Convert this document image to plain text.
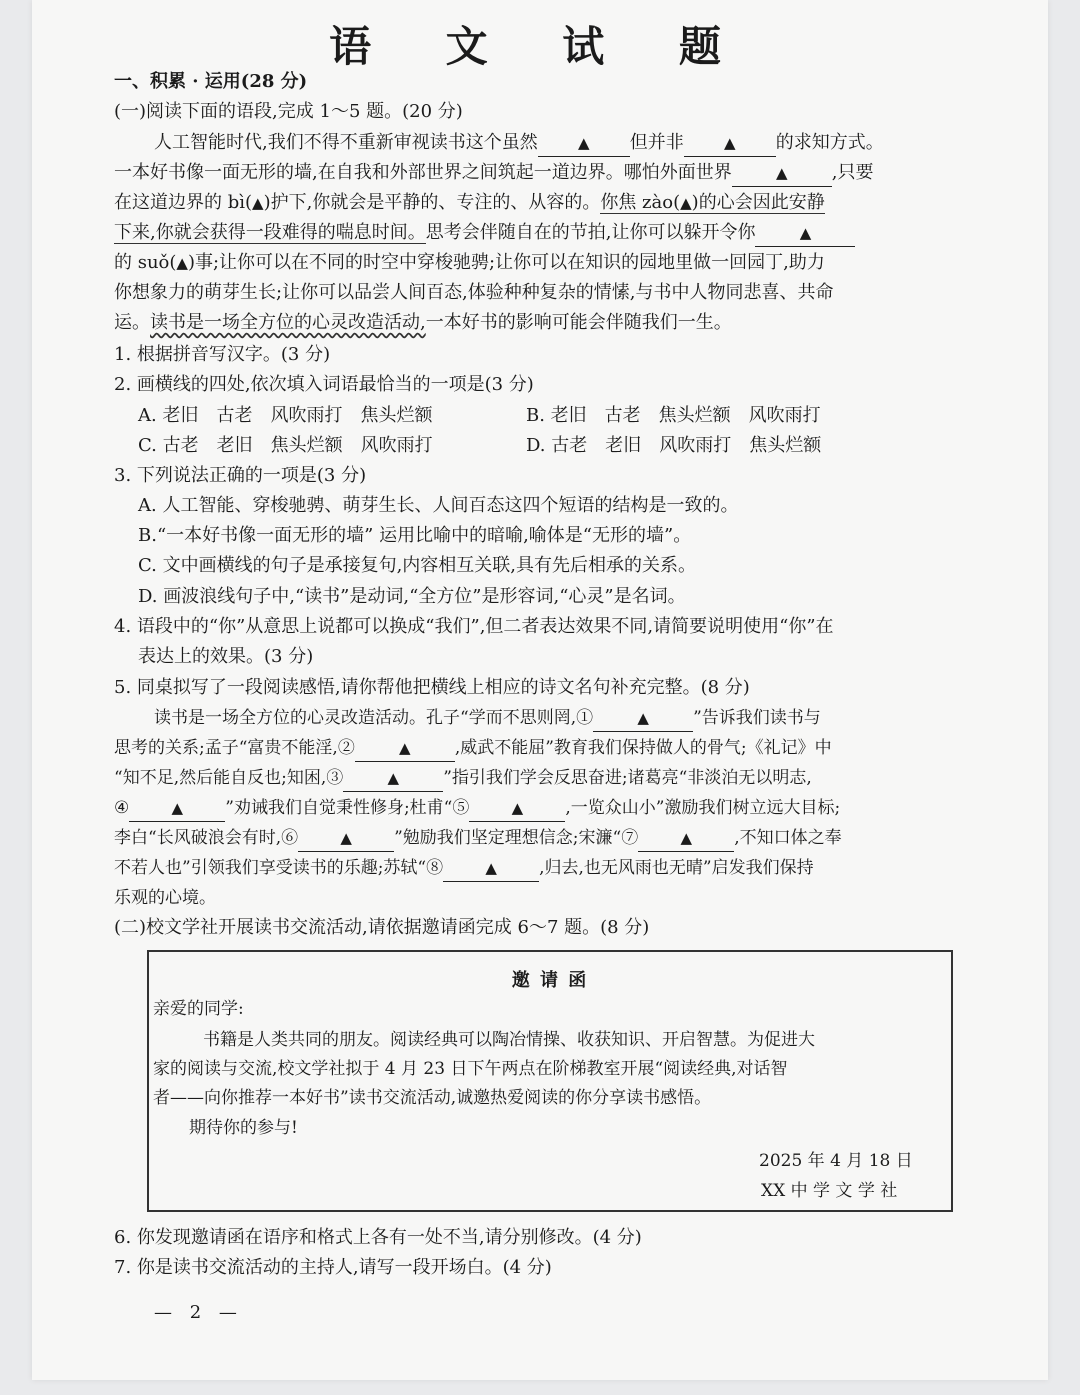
语 文 试 题
一、积累 · 运用(28 分)
(一)阅读下面的语段,完成 1～5 题。(20 分)
人工智能时代,我们不得不重新审视读书这个虽然	▲ 但并非	▲ 的求知方式。
一本好书像一面无形的墙,在自我和外部世界之间筑起一道边界。哪怕外面世界	▲ ,只要
在这道边界的 bì(▲)护下,你就会是平静的、专注的、从容的。你焦 zào(▲)的心会因此安静
下来,你就会获得一段难得的喘息时间。思考会伴随自在的节拍,让你可以躲开令你	▲
的 suǒ(▲)事;让你可以在不同的时空中穿梭驰骋;让你可以在知识的园地里做一回园丁,助力
你想象力的萌芽生长;让你可以品尝人间百态,体验种种复杂的情愫,与书中人物同悲喜、共命
运。读书是一场全方位的心灵改造活动,一本好书的影响可能会伴随我们一生。
1. 根据拼音写汉字。(3 分)
2. 画横线的四处,依次填入词语最恰当的一项是(3 分)
A. 老旧　古老　风吹雨打　焦头烂额	B. 老旧　古老　焦头烂额　风吹雨打
C. 古老　老旧　焦头烂额　风吹雨打	D. 古老　老旧　风吹雨打　焦头烂额
3. 下列说法正确的一项是(3 分)
A. 人工智能、穿梭驰骋、萌芽生长、人间百态这四个短语的结构是一致的。
B.“一本好书像一面无形的墙” 运用比喻中的暗喻,喻体是“无形的墙”。
C. 文中画横线的句子是承接复句,内容相互关联,具有先后相承的关系。
D. 画波浪线句子中,“读书”是动词,“全方位”是形容词,“心灵”是名词。
4. 语段中的“你”从意思上说都可以换成“我们”,但二者表达效果不同,请简要说明使用“你”在
表达上的效果。(3 分)
5. 同桌拟写了一段阅读感悟,请你帮他把横线上相应的诗文名句补充完整。(8 分)
读书是一场全方位的心灵改造活动。孔子“学而不思则罔,①	▲	”告诉我们读书与
思考的关系;孟子“富贵不能淫,②	▲	,威武不能屈”教育我们保持做人的骨气;《礼记》中
“知不足,然后能自反也;知困,③	▲	”指引我们学会反思奋进;诸葛亮“非淡泊无以明志,
④	▲ ”劝诫我们自觉秉性修身;杜甫“⑤	▲ ,一览众山小”激励我们树立远大目标;
李白“长风破浪会有时,⑥	▲ ”勉励我们坚定理想信念;宋濂“⑦	▲ ,不知口体之奉
不若人也”引领我们享受读书的乐趣;苏轼“⑧	▲ ,归去,也无风雨也无晴”启发我们保持
乐观的心境。
(二)校文学社开展读书交流活动,请依据邀请函完成 6～7 题。(8 分)
6. 你发现邀请函在语序和格式上各有一处不当,请分别修改。(4 分)
7. 你是读书交流活动的主持人,请写一段开场白。(4 分)
邀 请 函
亲爱的同学:
书籍是人类共同的朋友。阅读经典可以陶冶情操、收获知识、开启智慧。为促进大
家的阅读与交流,校文学社拟于 4 月 23 日下午两点在阶梯教室开展“阅读经典,对话智
者——向你推荐一本好书”读书交流活动,诚邀热爱阅读的你分享读书感悟。
期待你的参与!
2025 年 4 月 18 日
XX 中 学 文 学 社
— 2 —
